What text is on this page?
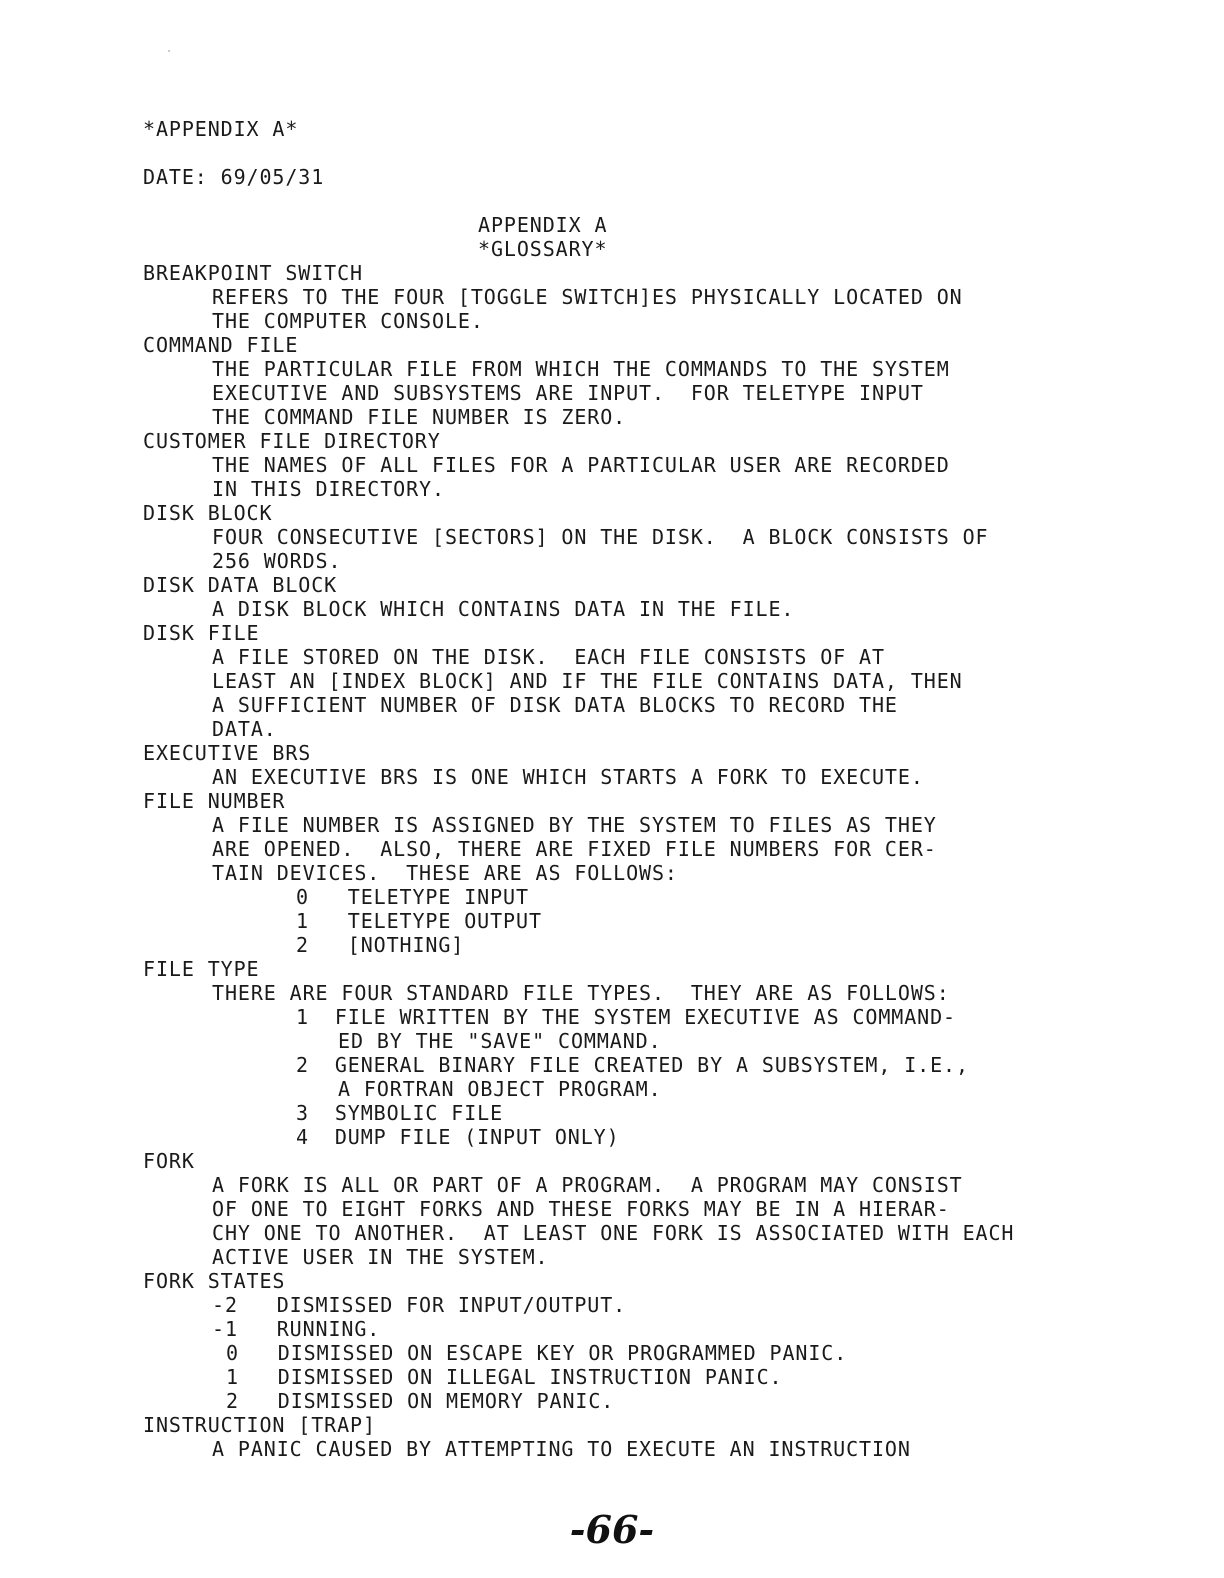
*APPENDIX A*
DATE: 69/05/31
APPENDIX A
*GLOSSARY*
BREAKPOINT SWITCH
REFERS TO THE FOUR [TOGGLE SWITCH]ES PHYSICALLY LOCATED ON
THE COMPUTER CONSOLE.
COMMAND FILE
THE PARTICULAR FILE FROM WHICH THE COMMANDS TO THE SYSTEM
EXECUTIVE AND SUBSYSTEMS ARE INPUT.  FOR TELETYPE INPUT
THE COMMAND FILE NUMBER IS ZERO.
CUSTOMER FILE DIRECTORY
THE NAMES OF ALL FILES FOR A PARTICULAR USER ARE RECORDED
IN THIS DIRECTORY.
DISK BLOCK
FOUR CONSECUTIVE [SECTORS] ON THE DISK.  A BLOCK CONSISTS OF
256 WORDS.
DISK DATA BLOCK
A DISK BLOCK WHICH CONTAINS DATA IN THE FILE.
DISK FILE
A FILE STORED ON THE DISK.  EACH FILE CONSISTS OF AT
LEAST AN [INDEX BLOCK] AND IF THE FILE CONTAINS DATA, THEN
A SUFFICIENT NUMBER OF DISK DATA BLOCKS TO RECORD THE
DATA.
EXECUTIVE BRS
AN EXECUTIVE BRS IS ONE WHICH STARTS A FORK TO EXECUTE.
FILE NUMBER
A FILE NUMBER IS ASSIGNED BY THE SYSTEM TO FILES AS THEY
ARE OPENED.  ALSO, THERE ARE FIXED FILE NUMBERS FOR CER-
TAIN DEVICES.  THESE ARE AS FOLLOWS:
0   TELETYPE INPUT
1   TELETYPE OUTPUT
2   [NOTHING]
FILE TYPE
THERE ARE FOUR STANDARD FILE TYPES.  THEY ARE AS FOLLOWS:
1  FILE WRITTEN BY THE SYSTEM EXECUTIVE AS COMMAND-
ED BY THE "SAVE" COMMAND.
2  GENERAL BINARY FILE CREATED BY A SUBSYSTEM, I.E.,
A FORTRAN OBJECT PROGRAM.
3  SYMBOLIC FILE
4  DUMP FILE (INPUT ONLY)
FORK
A FORK IS ALL OR PART OF A PROGRAM.  A PROGRAM MAY CONSIST
OF ONE TO EIGHT FORKS AND THESE FORKS MAY BE IN A HIERAR-
CHY ONE TO ANOTHER.  AT LEAST ONE FORK IS ASSOCIATED WITH EACH
ACTIVE USER IN THE SYSTEM.
FORK STATES
-2   DISMISSED FOR INPUT/OUTPUT.
-1   RUNNING.
0   DISMISSED ON ESCAPE KEY OR PROGRAMMED PANIC.
1   DISMISSED ON ILLEGAL INSTRUCTION PANIC.
2   DISMISSED ON MEMORY PANIC.
INSTRUCTION [TRAP]
A PANIC CAUSED BY ATTEMPTING TO EXECUTE AN INSTRUCTION
-66-
